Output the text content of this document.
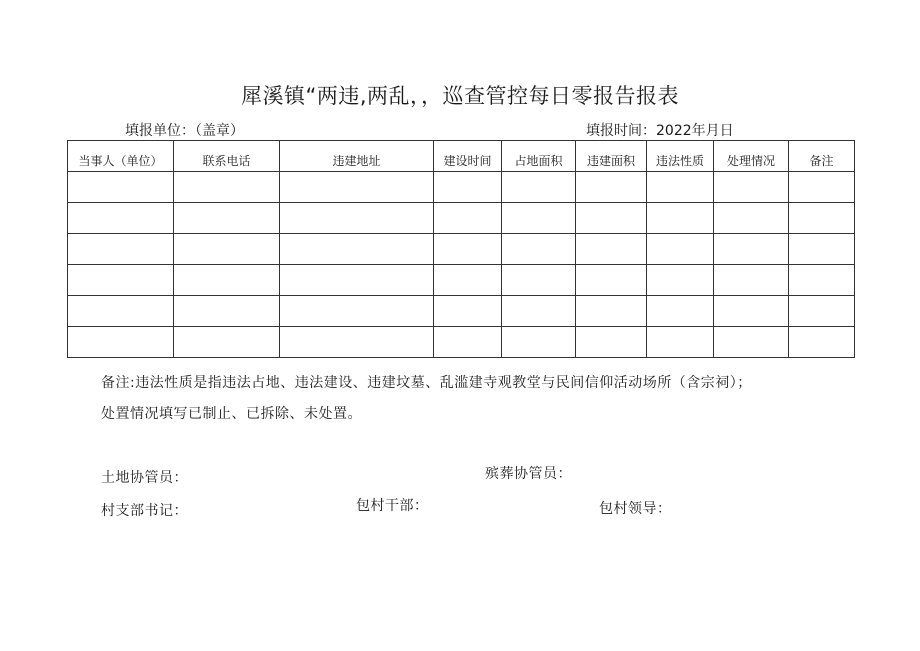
犀溪镇“两违,两乱，，巡查管控每日零报告报表
填报单位：（盖章）	填报时间：2022年月日
当事人（单位）	联系电话	违建地址	建设时间	占地面积	违建面积	违法性质	处理情况	备注

备注:违法性质是指违法占地、违法建设、违建坟墓、乱滥建寺观教堂与民间信仰活动场所（含宗祠）；
处置情况填写已制止、已拆除、未处置。
土地协管员：	殡葬协管员：
村支部书记：	包村干部：	包村领导：
